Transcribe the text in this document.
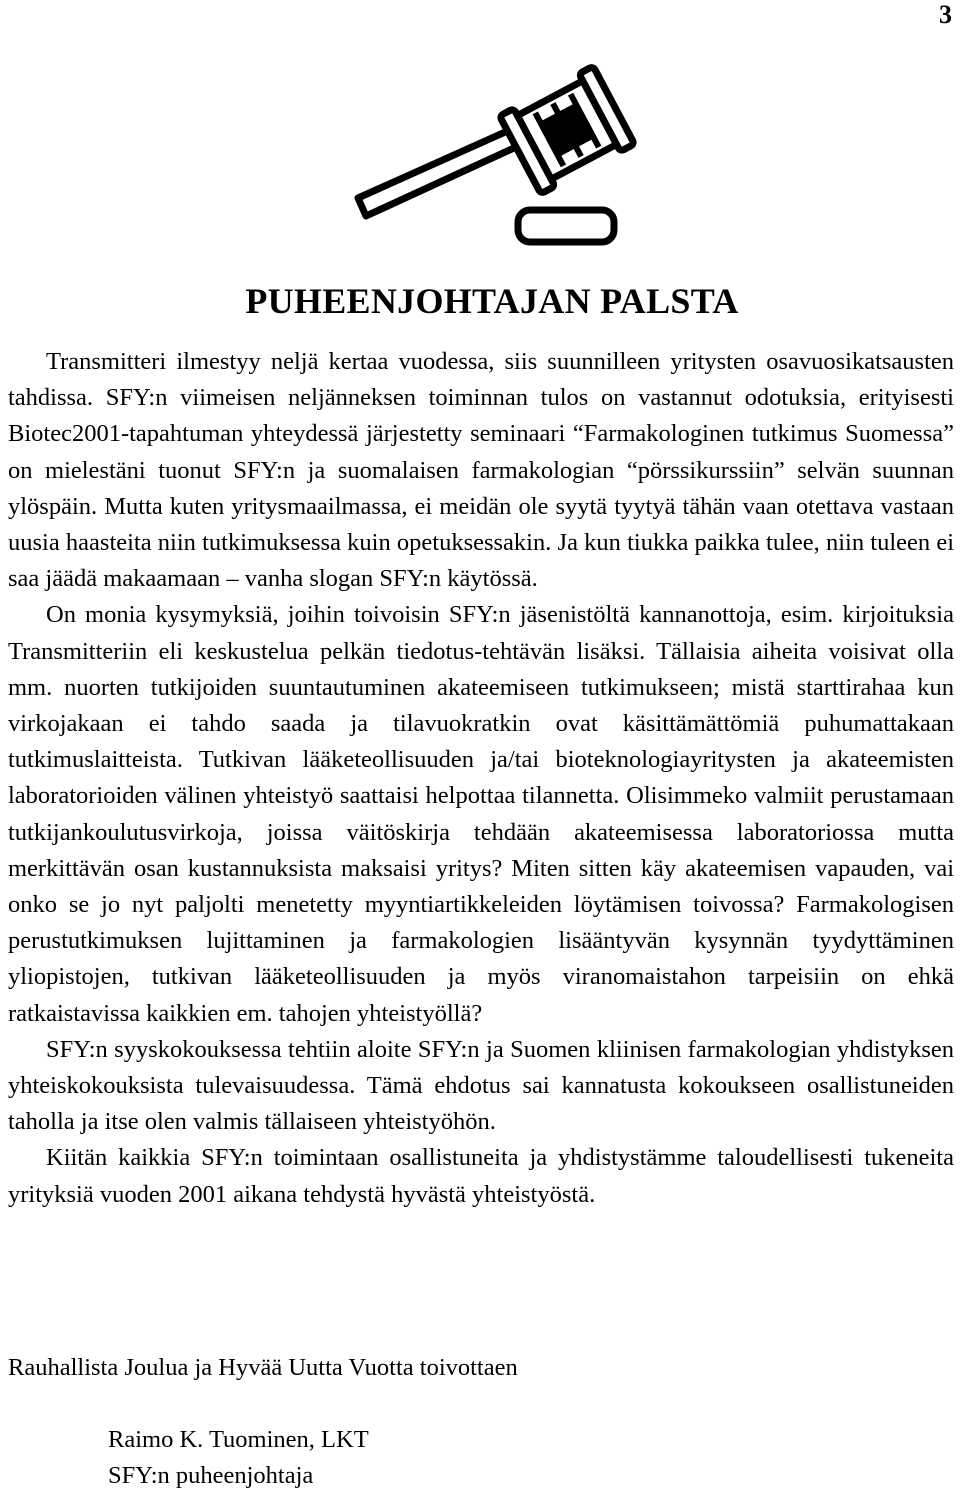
3
PUHEENJOHTAJAN PALSTA

Transmitteri ilmestyy neljä kertaa vuodessa, siis suunnilleen yritysten osavuosikatsausten tahdissa. SFY:n viimeisen neljänneksen toiminnan tulos on vastannut odotuksia, erityisesti Biotec2001-tapahtuman yhteydessä järjestetty seminaari “Farmakologinen tutkimus Suomessa” on mielestäni tuonut SFY:n ja suomalaisen farmakologian “pörssikurssiin” selvän suunnan ylöspäin. Mutta kuten yritysmaailmassa, ei meidän ole syytä tyytyä tähän vaan otettava vastaan uusia haasteita niin tutkimuksessa kuin opetuksessakin. Ja kun tiukka paikka tulee, niin tuleen ei saa jäädä makaamaan – vanha slogan SFY:n käytössä.

On monia kysymyksiä, joihin toivoisin SFY:n jäsenistöltä kannanottoja, esim. kirjoituksia Transmitteriin eli keskustelua pelkän tiedotus-tehtävän lisäksi. Tällaisia aiheita voisivat olla mm. nuorten tutkijoiden suuntautuminen akateemiseen tutkimukseen; mistä starttirahaa kun virkojakaan ei tahdo saada ja tilavuokratkin ovat käsittämättömiä puhumattakaan tutkimuslaitteista. Tutkivan lääketeollisuuden ja/tai bioteknologiayritysten ja akateemisten laboratorioiden välinen yhteistyö saattaisi helpottaa tilannetta. Olisimmeko valmiit perustamaan tutkijankoulutusvirkoja, joissa väitöskirja tehdään akateemisessa laboratoriossa mutta merkittävän osan kustannuksista maksaisi yritys? Miten sitten käy akateemisen vapauden, vai onko se jo nyt paljolti menetetty myyntiartikkeleiden löytämisen toivossa? Farmakologisen perustutkimuksen lujittaminen ja farmakologien lisääntyvän kysynnän tyydyttäminen yliopistojen, tutkivan lääketeollisuuden ja myös viranomaistahon tarpeisiin on ehkä ratkaistavissa kaikkien em. tahojen yhteistyöllä?

SFY:n syyskokouksessa tehtiin aloite SFY:n ja Suomen kliinisen farmakologian yhdistyksen yhteiskokouksista tulevaisuudessa. Tämä ehdotus sai kannatusta kokoukseen osallistuneiden taholla ja itse olen valmis tällaiseen yhteistyöhön.

Kiitän kaikkia SFY:n toimintaan osallistuneita ja yhdistystämme taloudellisesti tukeneita yrityksiä vuoden 2001 aikana tehdystä hyvästä yhteistyöstä.

Rauhallista Joulua ja Hyvää Uutta Vuotta toivottaen

Raimo K. Tuominen, LKT
SFY:n puheenjohtaja
